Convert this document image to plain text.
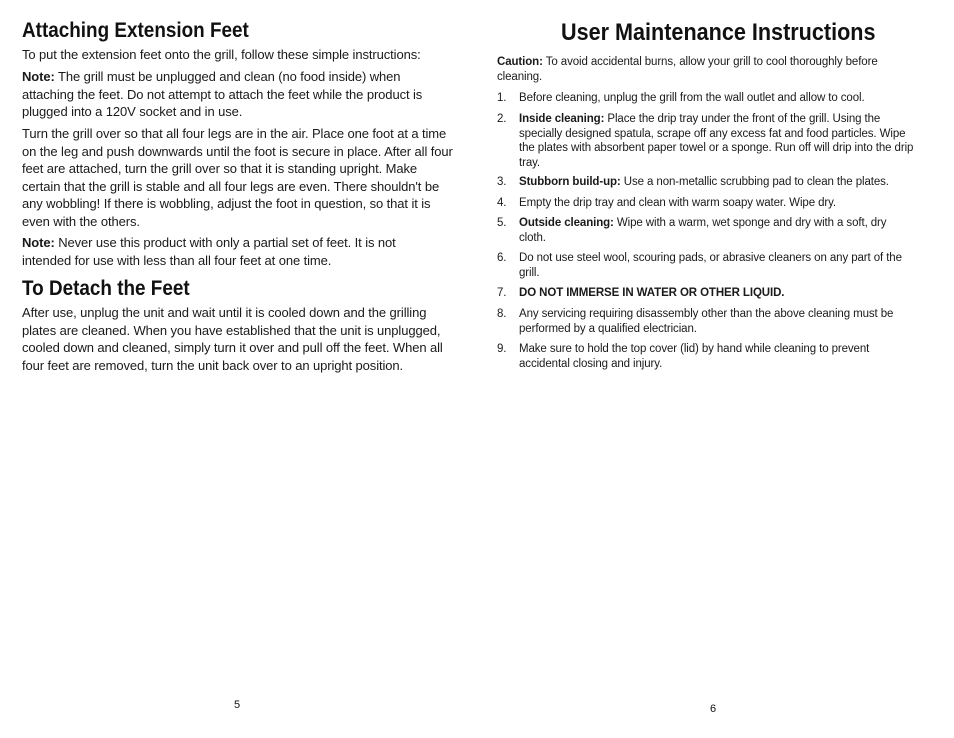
Attaching Extension Feet

To put the extension feet onto the grill, follow these simple instructions:

Note: The grill must be unplugged and clean (no food inside) when attaching the feet. Do not attempt to attach the feet while the product is plugged into a 120V socket and in use.

Turn the grill over so that all four legs are in the air. Place one foot at a time on the leg and push downwards until the foot is secure in place. After all four feet are attached, turn the grill over so that it is standing upright. Make certain that the grill is stable and all four legs are even. There shouldn't be any wobbling! If there is wobbling, adjust the foot in question, so that it is even with the others.

Note: Never use this product with only a partial set of feet. It is not intended for use with less than all four feet at one time.

To Detach the Feet

After use, unplug the unit and wait until it is cooled down and the grilling plates are cleaned. When you have established that the unit is unplugged, cooled down and cleaned, simply turn it over and pull off the feet. When all four feet are removed, turn the unit back over to an upright position.

5
User Maintenance Instructions

Caution: To avoid accidental burns, allow your grill to cool thoroughly before cleaning.

1. Before cleaning, unplug the grill from the wall outlet and allow to cool.
2. Inside cleaning: Place the drip tray under the front of the grill. Using the specially designed spatula, scrape off any excess fat and food particles. Wipe the plates with absorbent paper towel or a sponge. Run off will drip into the drip tray.
3. Stubborn build-up: Use a non-metallic scrubbing pad to clean the plates.
4. Empty the drip tray and clean with warm soapy water. Wipe dry.
5. Outside cleaning: Wipe with a warm, wet sponge and dry with a soft, dry cloth.
6. Do not use steel wool, scouring pads, or abrasive cleaners on any part of the grill.
7. DO NOT IMMERSE IN WATER OR OTHER LIQUID.
8. Any servicing requiring disassembly other than the above cleaning must be performed by a qualified electrician.
9. Make sure to hold the top cover (lid) by hand while cleaning to prevent accidental closing and injury.
6
